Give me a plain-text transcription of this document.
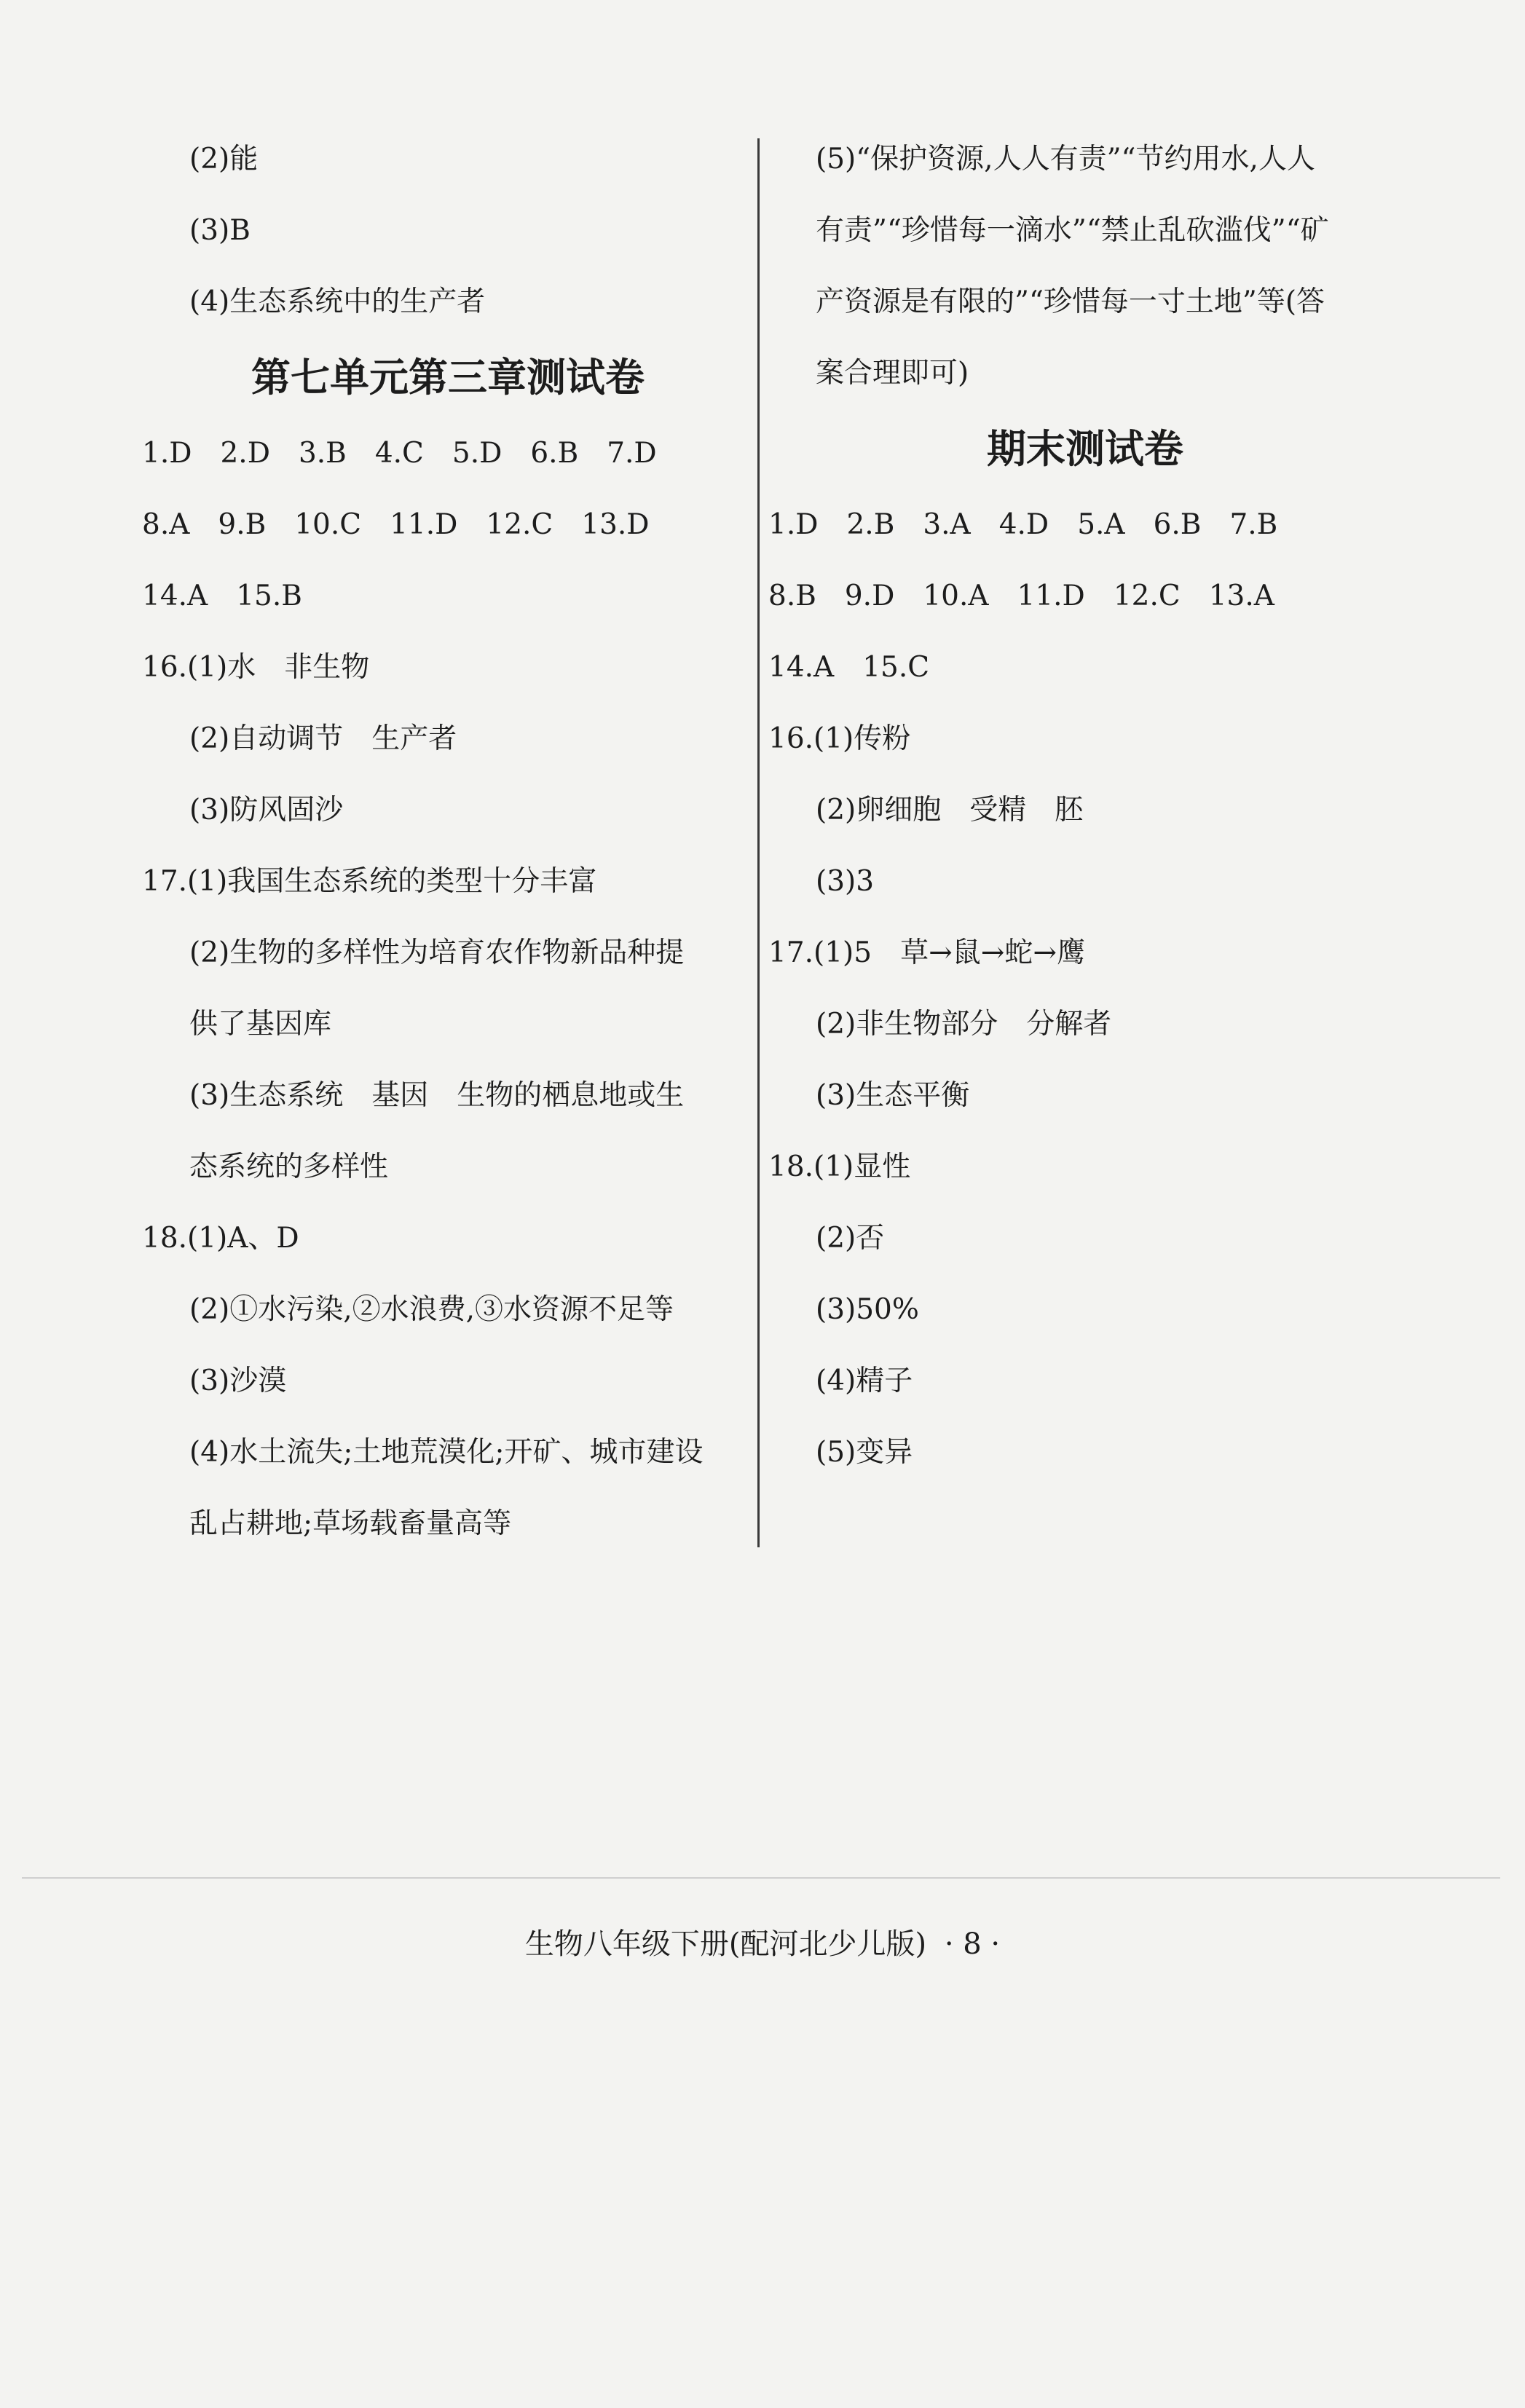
(2)能
(3)B
(4)生态系统中的生产者
第七单元第三章测试卷
1.D　2.D　3.B　4.C　5.D　6.B　7.D
8.A　9.B　10.C　11.D　12.C　13.D
14.A　15.B
16.(1)水　非生物
(2)自动调节　生产者
(3)防风固沙
17.(1)我国生态系统的类型十分丰富
(2)生物的多样性为培育农作物新品种提
供了基因库
(3)生态系统　基因　生物的栖息地或生
态系统的多样性
18.(1)A、D
(2)①水污染,②水浪费,③水资源不足等
(3)沙漠
(4)水土流失;土地荒漠化;开矿、城市建设
乱占耕地;草场载畜量高等
(5)“保护资源,人人有责”“节约用水,人人
有责”“珍惜每一滴水”“禁止乱砍滥伐”“矿
产资源是有限的”“珍惜每一寸土地”等(答
案合理即可)
期末测试卷
1.D　2.B　3.A　4.D　5.A　6.B　7.B
8.B　9.D　10.A　11.D　12.C　13.A
14.A　15.C
16.(1)传粉
(2)卵细胞　受精　胚
(3)3
17.(1)5　草→鼠→蛇→鹰
(2)非生物部分　分解者
(3)生态平衡
18.(1)显性
(2)否
(3)50%
(4)精子
(5)变异
生物八年级下册(配河北少儿版) · 8 ·
